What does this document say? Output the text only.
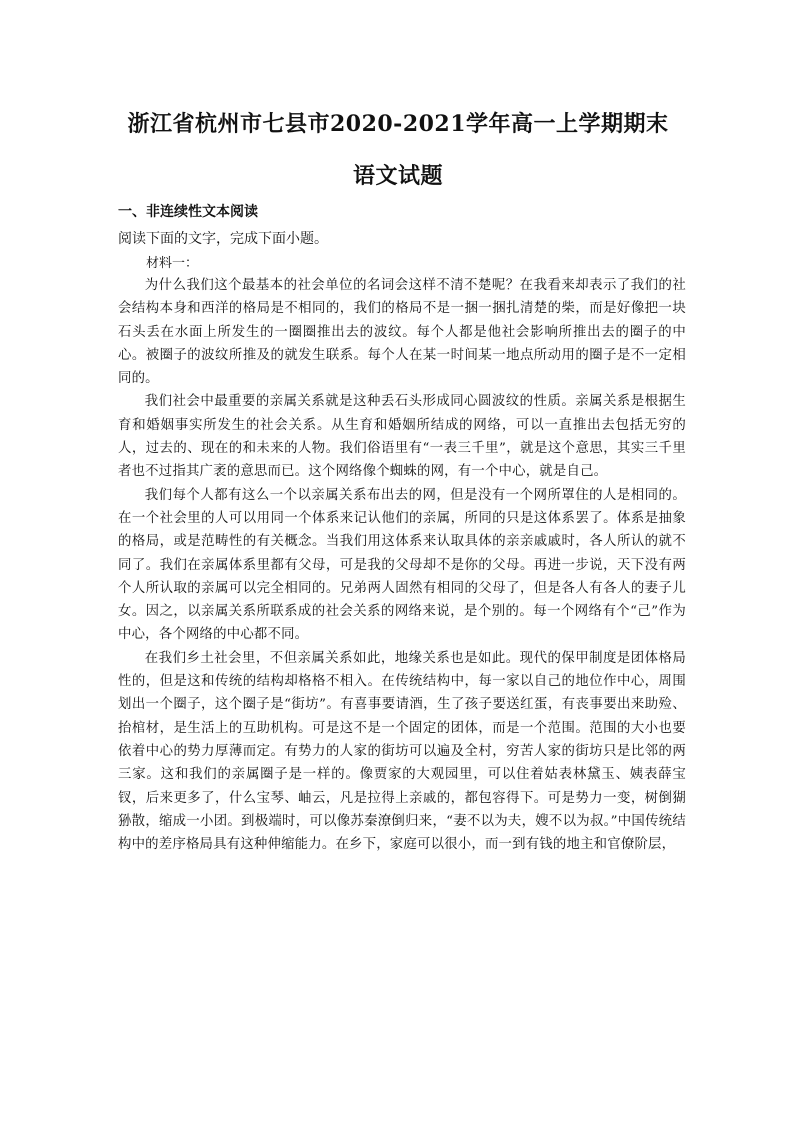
浙江省杭州市七县市2020-2021学年高一上学期期末语文试题
一、非连续性文本阅读
阅读下面的文字，完成下面小题。
材料一：

为什么我们这个最基本的社会单位的名词会这样不清不楚呢？在我看来却表示了我们的社会结构本身和西洋的格局是不相同的，我们的格局不是一捆一捆扎清楚的柴，而是好像把一块石头丢在水面上所发生的一圈圈推出去的波纹。每个人都是他社会影响所推出去的圈子的中心。被圈子的波纹所推及的就发生联系。每个人在某一时间某一地点所动用的圈子是不一定相同的。

我们社会中最重要的亲属关系就是这种丢石头形成同心圆波纹的性质。亲属关系是根据生育和婚姻事实所发生的社会关系。从生育和婚姻所结成的网络，可以一直推出去包括无穷的人，过去的、现在的和未来的人物。我们俗语里有“一表三千里”，就是这个意思，其实三千里者也不过指其广袤的意思而已。这个网络像个蜘蛛的网，有一个中心，就是自己。

我们每个人都有这么一个以亲属关系布出去的网，但是没有一个网所罩住的人是相同的。在一个社会里的人可以用同一个体系来记认他们的亲属，所同的只是这体系罢了。体系是抽象的格局，或是范畴性的有关概念。当我们用这体系来认取具体的亲亲戚戚时，各人所认的就不同了。我们在亲属体系里都有父母，可是我的父母却不是你的父母。再进一步说，天下没有两个人所认取的亲属可以完全相同的。兄弟两人固然有相同的父母了，但是各人有各人的妻子儿女。因之，以亲属关系所联系成的社会关系的网络来说，是个别的。每一个网络有个“己”作为中心，各个网络的中心都不同。

在我们乡土社会里，不但亲属关系如此，地缘关系也是如此。现代的保甲制度是团体格局性的，但是这和传统的结构却格格不相入。在传统结构中，每一家以自己的地位作中心，周围划出一个圈子，这个圈子是“街坊”。有喜事要请酒，生了孩子要送红蛋，有丧事要出来助殓、抬棺材，是生活上的互助机构。可是这不是一个固定的团体，而是一个范围。范围的大小也要依着中心的势力厚薄而定。有势力的人家的街坊可以遍及全村，穷苦人家的街坊只是比邻的两三家。这和我们的亲属圈子是一样的。像贾家的大观园里，可以住着姑表林黛玉、姨表薛宝钗，后来更多了，什么宝琴、岫云，凡是拉得上亲戚的，都包容得下。可是势力一变，树倒猢狲散，缩成一小团。到极端时，可以像苏秦潦倒归来，“妻不以为夫，嫂不以为叔。”中国传统结构中的差序格局具有这种伸缩能力。在乡下，家庭可以很小，而一到有钱的地主和官僚阶层，
